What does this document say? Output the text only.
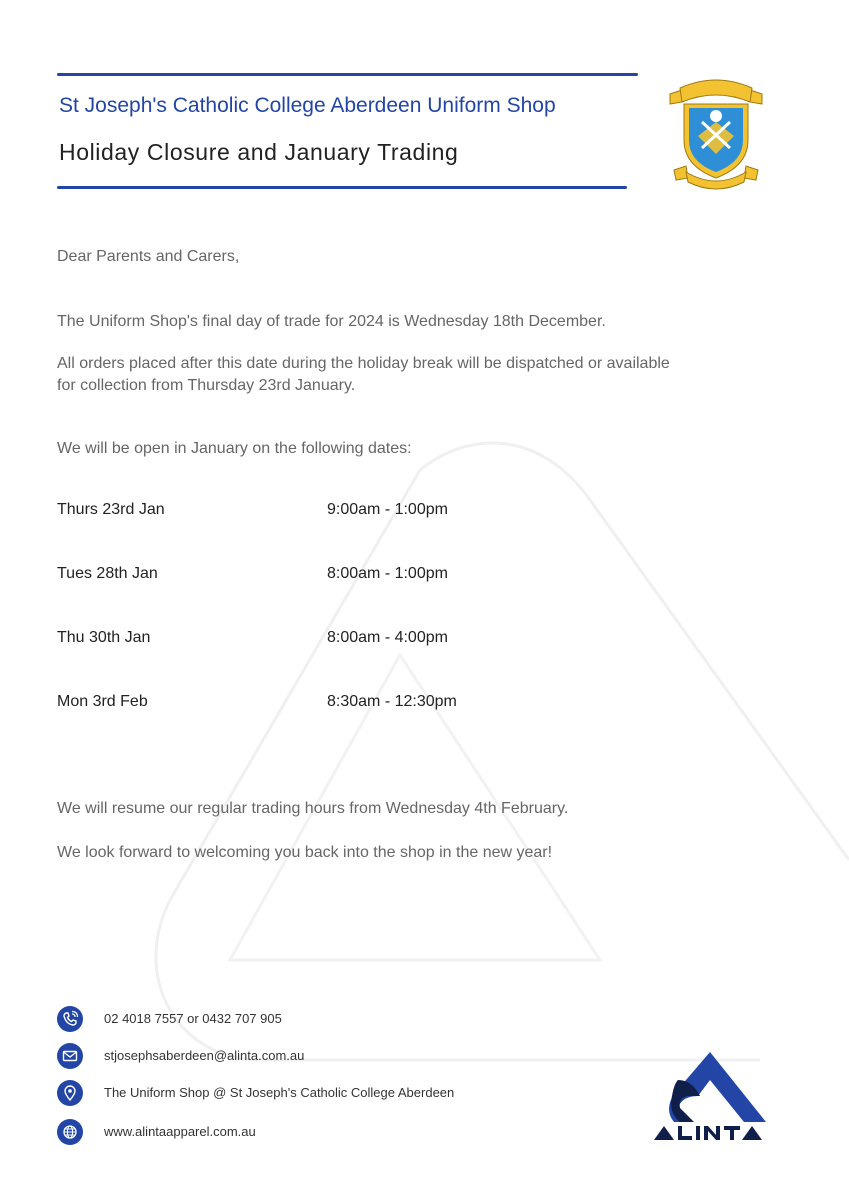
St Joseph's Catholic College Aberdeen Uniform Shop
Holiday Closure and January Trading
Dear Parents and Carers,
The Uniform Shop's final day of trade for 2024 is Wednesday 18th December.
All orders placed after this date during the holiday break will be dispatched or available
for collection from Thursday 23rd January.
We will be open in January on the following dates:
Thurs 23rd Jan	9:00am - 1:00pm
Tues 28th Jan	8:00am - 1:00pm
Thu 30th Jan	8:00am - 4:00pm
Mon 3rd Feb	8:30am - 12:30pm
We will resume our regular trading hours from Wednesday 4th February.
We look forward to welcoming you back into the shop in the new year!
02 4018 7557 or 0432 707 905
stjosephsaberdeen@alinta.com.au
The Uniform Shop @ St Joseph's Catholic College Aberdeen
www.alintaapparel.com.au
